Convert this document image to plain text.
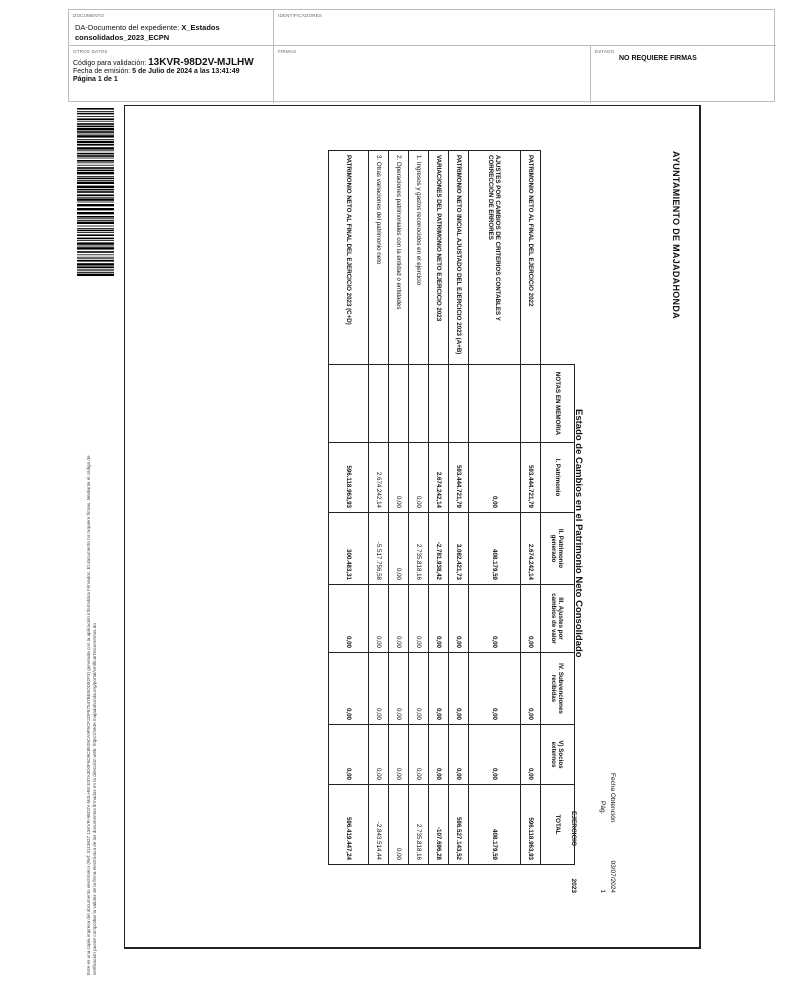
DOCUMENTO
DA-Documento del expediente: X_Estados
consolidados_2023_ECPN
IDENTIFICADORES
OTROS DATOS
Código para validación: 13KVR-98D2V-MJLHW
Fecha de emisión: 5 de Julio de 2024 a las 13:41:49
Página 1 de 1
FIRMAS	ESTADO
NO REQUIERE FIRMAS
Este es una copia impresa del documento electrónico (Ref: 3113627 13KVR-98D2V-MJLHW E37A3D0F5D9C8529CA9F5CF2DF87547BE5DD82F3) generada con la aplicación informática Firmadoc. El documento no requiere firmas. Mediante el código de verificación puede comprobar la validez de la firma electrónica de los documentos firmados en la dirección web: https://sede.majadahonda.org/portal/verificarDocumentos.do
AYUNTAMIENTO DE MAJADAHONDA
Estado de Cambios en el Patrimonio Neto Consolidado
Fecha Obtención
03/07/2024
Pág.
1
EJERCICIO
2023
	NOTAS EN MEMORIA	I. Patrimonio	II. Patrimonio generado	III. Ajustes por cambios de valor	IV. Subvenciones recibidas	V) Socios externos	TOTAL
PATRIMONIO NETO AL FINAL DEL EJERCICIO 2022		593.444.721,79	2.674.242,14	0,00	0,00	0,00	596.118.963,93
AJUSTES POR CAMBIOS DE CRITERIOS CONTABLES Y CORRECCIÓN DE ERRORES		0,00	408.179,59	0,00	0,00	0,00	408.179,59
PATRIMONIO NETO INICIAL AJUSTADO DEL EJERCICIO 2023 (A+B)		593.444.721,79	3.082.421,73	0,00	0,00	0,00	596.527.143,52
VARIACIONES DEL PATRIMONIO NETO EJERCICIO 2023		2.674.242,14	-2.781.938,42	0,00	0,00	0,00	-107.696,28
1. Ingresos y gastos reconocidos en el ejercicio		0,00	2.735.818,16	0,00	0,00	0,00	2.735.818,16
2. Operaciones patrimoniales con la entidad o entidades		0,00	0,00	0,00	0,00	0,00	0,00
3. Otras variaciones del patrimonio neto		2.674.242,14	-5.517.756,58	0,00	0,00	0,00	-2.843.514,44
PATRIMONIO NETO AL FINAL DEL EJERCICIO 2023 (C+D)		596.118.963,93	300.483,31	0,00	0,00	0,00	596.419.447,24
